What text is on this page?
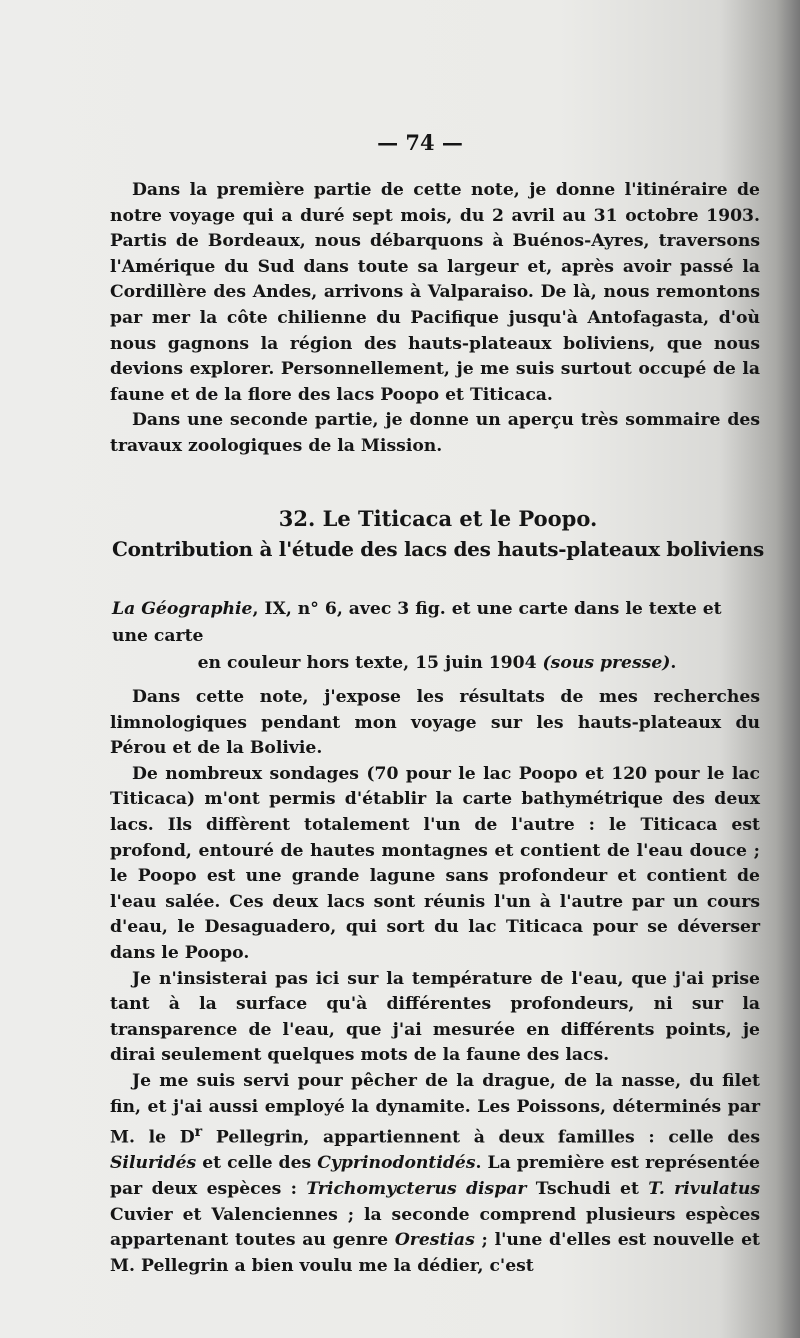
— 74 —

Dans la première partie de cette note, je donne l'itinéraire de notre voyage qui a duré sept mois, du 2 avril au 31 octobre 1903. Partis de Bordeaux, nous débarquons à Buénos-Ayres, traversons l'Amérique du Sud dans toute sa largeur et, après avoir passé la Cordillère des Andes, arrivons à Valparaiso. De là, nous remontons par mer la côte chilienne du Pacifique jusqu'à Antofagasta, d'où nous gagnons la région des hauts-plateaux boliviens, que nous devions explorer. Personnellement, je me suis surtout occupé de la faune et de la flore des lacs Poopo et Titicaca.

Dans une seconde partie, je donne un aperçu très sommaire des travaux zoologiques de la Mission.

32. Le Titicaca et le Poopo.
Contribution à l'étude des lacs des hauts-plateaux boliviens
La Géographie, IX, n° 6, avec 3 fig. et une carte dans le texte et une carte
en couleur hors texte, 15 juin 1904 (sous presse).

Dans cette note, j'expose les résultats de mes recherches limnologiques pendant mon voyage sur les hauts-plateaux du Pérou et de la Bolivie.

De nombreux sondages (70 pour le lac Poopo et 120 pour le lac Titicaca) m'ont permis d'établir la carte bathymétrique des deux lacs. Ils diffèrent totalement l'un de l'autre : le Titicaca est profond, entouré de hautes montagnes et contient de l'eau douce ; le Poopo est une grande lagune sans profondeur et contient de l'eau salée. Ces deux lacs sont réunis l'un à l'autre par un cours d'eau, le Desaguadero, qui sort du lac Titicaca pour se déverser dans le Poopo.

Je n'insisterai pas ici sur la température de l'eau, que j'ai prise tant à la surface qu'à différentes profondeurs, ni sur la transparence de l'eau, que j'ai mesurée en différents points, je dirai seulement quelques mots de la faune des lacs.

Je me suis servi pour pêcher de la drague, de la nasse, du filet fin, et j'ai aussi employé la dynamite. Les Poissons, déterminés par M. le $D^r$ Pellegrin, appartiennent à deux familles : celle des Siluridés et celle des Cyprinodontidés. La première est représentée par deux espèces : Trichomycterus dispar Tschudi et T. rivulatus Cuvier et Valenciennes ; la seconde comprend plusieurs espèces appartenant toutes au genre Orestias ; l'une d'elles est nouvelle et M. Pellegrin a bien voulu me la dédier, c'est
